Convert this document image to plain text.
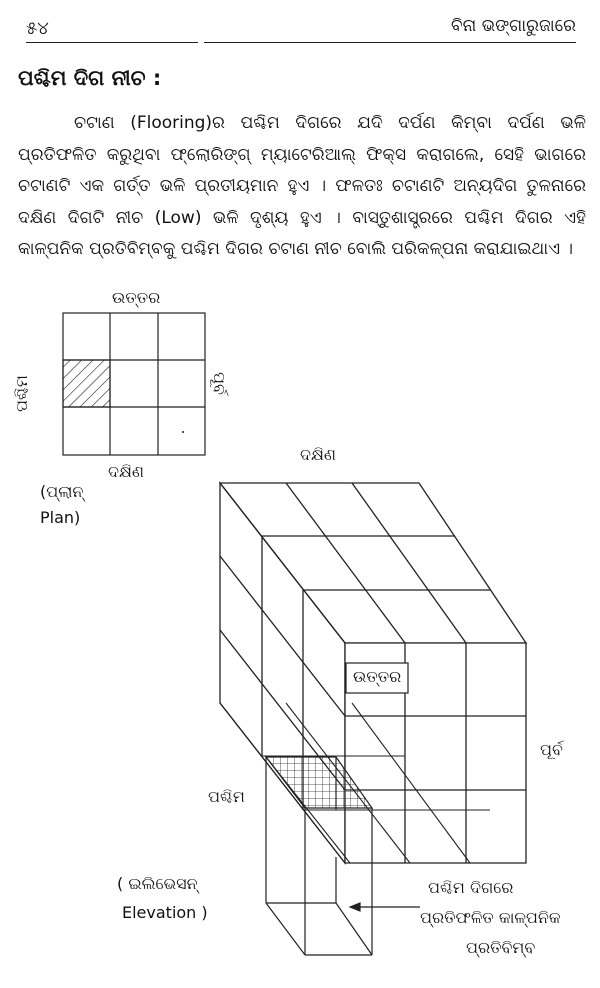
୫୪	ବିନା ଭଙ୍ଗାରୁଜାରେ
ପଶ୍ଚିମ ଦିଗ ନୀଚ :

ଚଟାଣ (Flooring)ର ପଶ୍ଚିମ ଦିଗରେ ଯଦି ଦର୍ପଣ କିମ୍ବା ଦର୍ପଣ ଭଳି ପ୍ରତିଫଳିତ କରୁଥିବା ଫ୍ଲୋରିଙ୍ଗ୍ ମ୍ୟାଟେରିଆଲ୍ ଫିକ୍ସ କରାଗଲେ, ସେହି ଭାଗରେ ଚଟାଣଟି ଏକ ଗର୍ତ୍ତ ଭଳି ପ୍ରତୀୟମାନ ହୁଏ । ଫଳତଃ ଚଟାଣଟି ଅନ୍ୟଦିଗ ତୁଳନାରେ ଦକ୍ଷିଣ ଦିଗଟି ନୀଚ (Low) ଭଳି ଦୃଶ୍ୟ ହୁଏ । ବାସ୍ତୁଶାସ୍ତ୍ରରେ ପଶ୍ଚିମ ଦିଗର ଏହି କାଳ୍ପନିକ ପ୍ରତିବିମ୍ବକୁ ପଶ୍ଚିମ ଦିଗର ଚଟାଣ ନୀଚ ବୋଲି ପରିକଳ୍ପନା କରାଯାଇଥାଏ ।

ଉତ୍ତର
ଦକ୍ଷିଣ
ପଶ୍ଚିମ	ପୂର୍ବ
(ପ୍ଲାନ୍
Plan)
ଦକ୍ଷିଣ
ଉତ୍ତର
ପୂର୍ବ
ପଶ୍ଚିମ
( ଇଲିଭେସନ୍
Elevation )
ପଶ୍ଚିମ ଦିଗରେ
ପ୍ରତିଫଳିତ କାଳ୍ପନିକ
ପ୍ରତିବିମ୍ବ
